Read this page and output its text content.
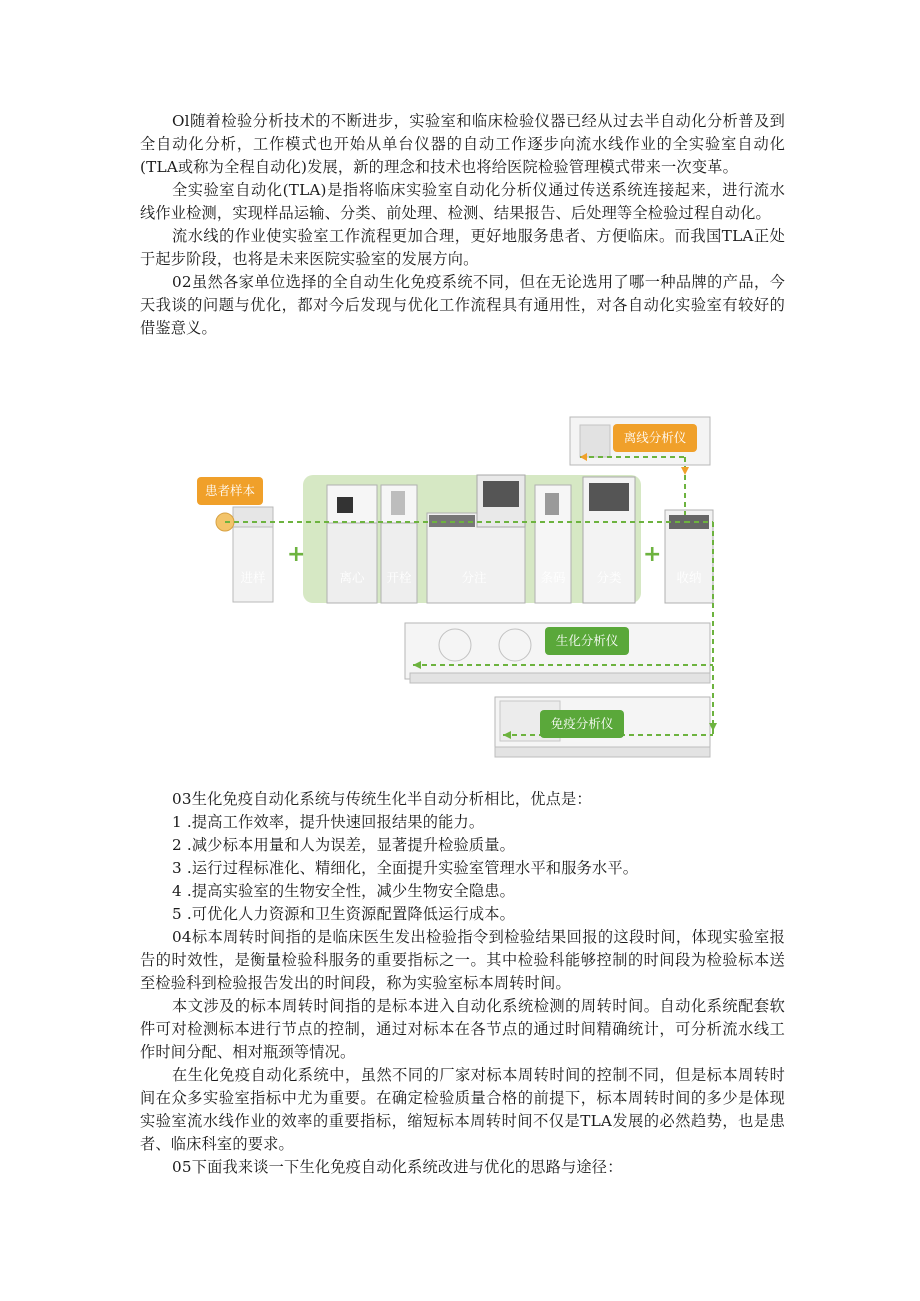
Ol随着检验分析技术的不断进步，实验室和临床检验仪器已经从过去半自动化分析普及到全自动化分析，工作模式也开始从单台仪器的自动工作逐步向流水线作业的全实验室自动化(TLA或称为全程自动化)发展，新的理念和技术也将给医院检验管理模式带来一次变革。

全实验室自动化(TLA)是指将临床实验室自动化分析仪通过传送系统连接起来，进行流水线作业检测，实现样品运输、分类、前处理、检测、结果报告、后处理等全检验过程自动化。

流水线的作业使实验室工作流程更加合理，更好地服务患者、方便临床。而我国TLA正处于起步阶段，也将是未来医院实验室的发展方向。

02虽然各家单位选择的全自动生化免疫系统不同，但在无论选用了哪一种品牌的产品，今天我谈的问题与优化，都对今后发现与优化工作流程具有通用性，对各自动化实验室有较好的借鉴意义。

患者样本
离线分析仪
生化分析仪
免疫分析仪
+	+
进样	离心	开栓	分注	条码	分类	收纳

03生化免疫自动化系统与传统生化半自动分析相比，优点是：

1 .提高工作效率，提升快速回报结果的能力。

2 .减少标本用量和人为误差，显著提升检验质量。

3 .运行过程标准化、精细化，全面提升实验室管理水平和服务水平。

4 .提高实验室的生物安全性，减少生物安全隐患。

5 .可优化人力资源和卫生资源配置降低运行成本。

04标本周转时间指的是临床医生发出检验指令到检验结果回报的这段时间，体现实验室报告的时效性，是衡量检验科服务的重要指标之一。其中检验科能够控制的时间段为检验标本送至检验科到检验报告发出的时间段，称为实验室标本周转时间。

本文涉及的标本周转时间指的是标本进入自动化系统检测的周转时间。自动化系统配套软件可对检测标本进行节点的控制，通过对标本在各节点的通过时间精确统计，可分析流水线工作时间分配、相对瓶颈等情况。

在生化免疫自动化系统中，虽然不同的厂家对标本周转时间的控制不同，但是标本周转时间在众多实验室指标中尤为重要。在确定检验质量合格的前提下，标本周转时间的多少是体现实验室流水线作业的效率的重要指标，缩短标本周转时间不仅是TLA发展的必然趋势，也是患者、临床科室的要求。

05下面我来谈一下生化免疫自动化系统改进与优化的思路与途径：
